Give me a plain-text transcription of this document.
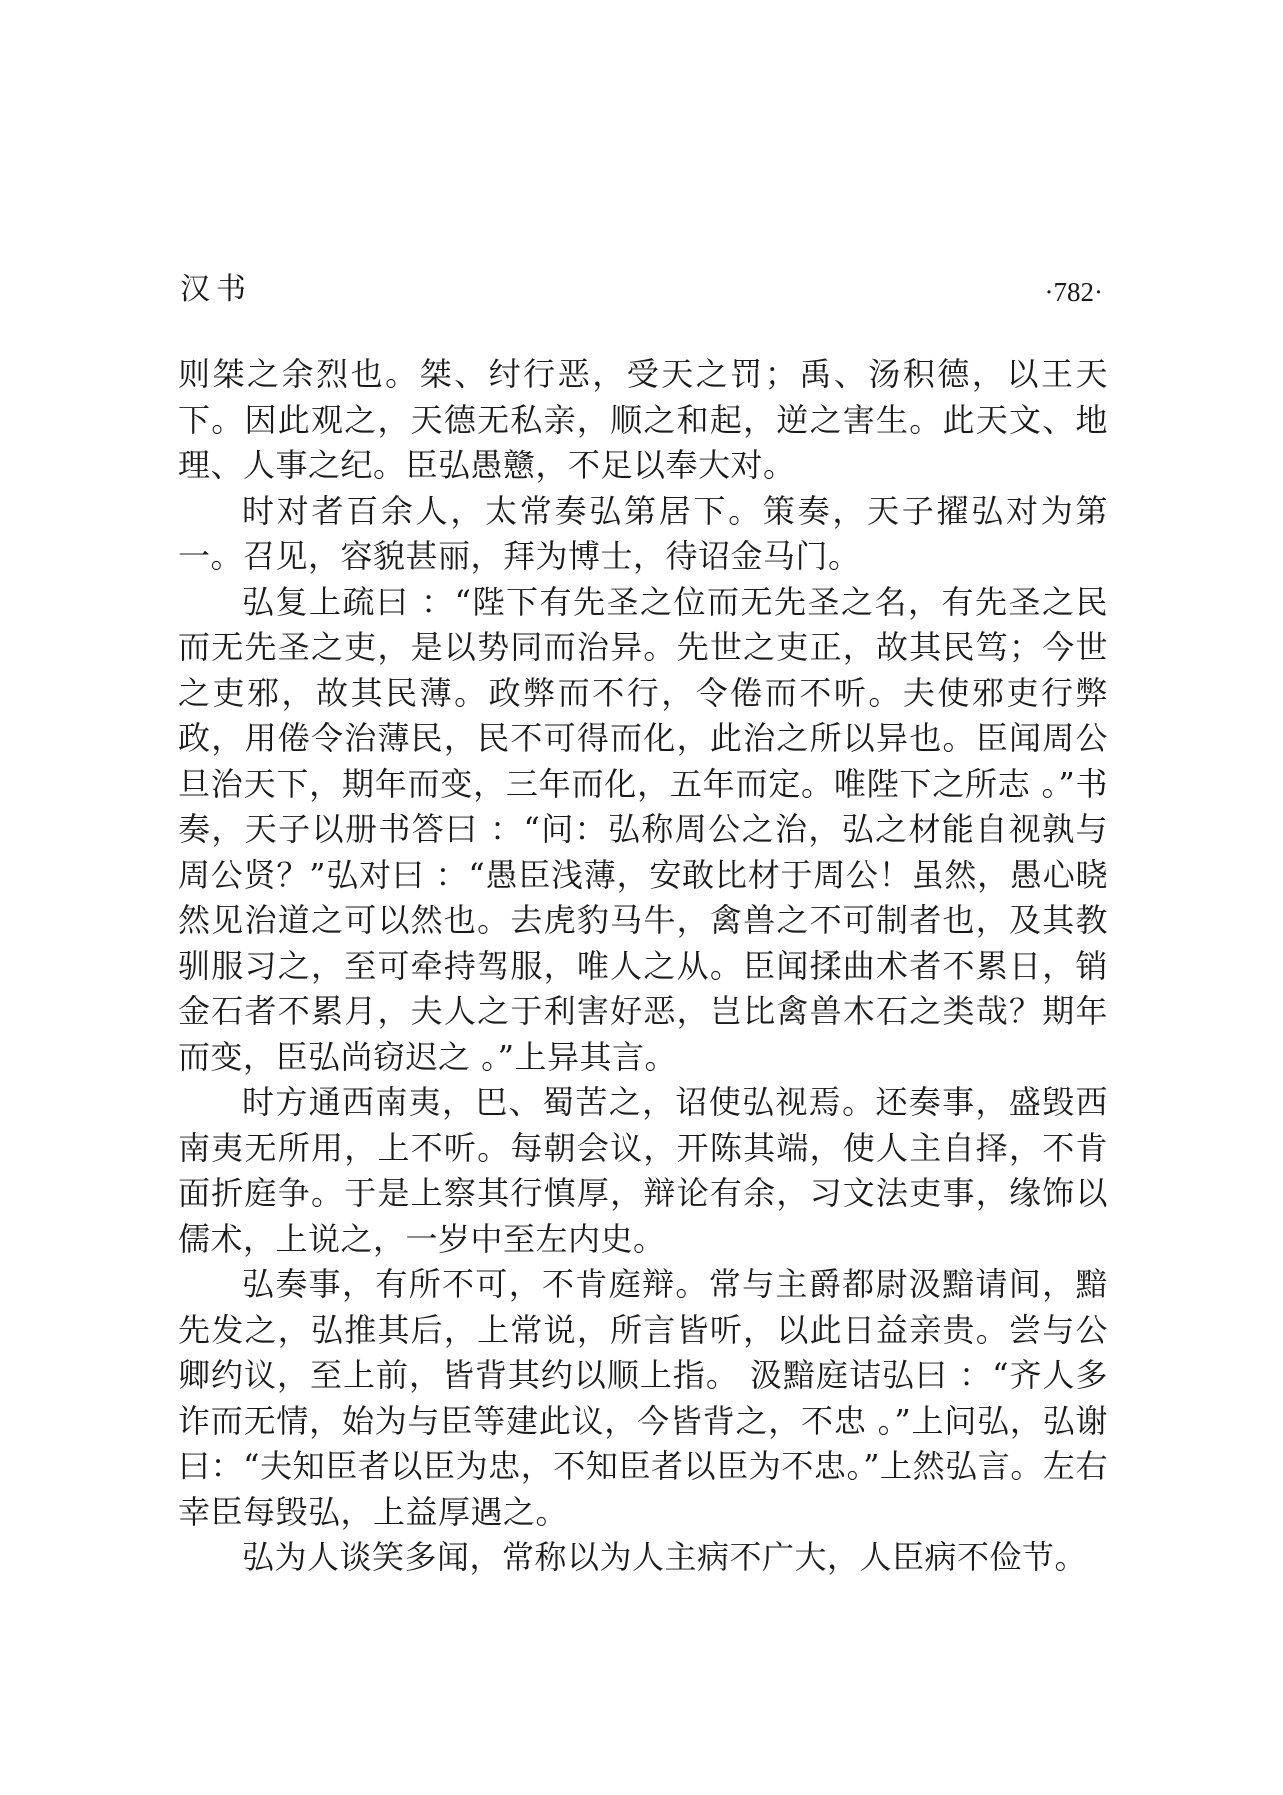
汉书	·782·

则桀之余烈也。桀、纣行恶，受天之罚；禹、汤积德，以王天下。因此观之，天德无私亲，顺之和起，逆之害生。此天文、地理、人事之纪。臣弘愚戆，不足以奉大对。

时对者百余人，太常奏弘第居下。策奏，天子擢弘对为第一。召见，容貌甚丽，拜为博士，待诏金马门。

弘复上疏曰 ：“陛下有先圣之位而无先圣之名，有先圣之民而无先圣之吏，是以势同而治异。先世之吏正，故其民笃；今世之吏邪，故其民薄。政弊而不行，令倦而不听。夫使邪吏行弊政，用倦令治薄民，民不可得而化，此治之所以异也。臣闻周公旦治天下，期年而变，三年而化，五年而定。唯陛下之所志 。”书奏，天子以册书答曰 ：“问：弘称周公之治，弘之材能自视孰与周公贤？”弘对曰 ：“愚臣浅薄，安敢比材于周公！虽然，愚心晓然见治道之可以然也。去虎豹马牛，禽兽之不可制者也，及其教驯服习之，至可牵持驾服，唯人之从。臣闻揉曲术者不累日，销金石者不累月，夫人之于利害好恶，岂比禽兽木石之类哉？期年而变，臣弘尚窃迟之 。”上异其言。

时方通西南夷，巴、蜀苦之，诏使弘视焉。还奏事，盛毁西南夷无所用，上不听。每朝会议，开陈其端，使人主自择，不肯面折庭争。于是上察其行慎厚，辩论有余，习文法吏事，缘饰以儒术，上说之，一岁中至左内史。

弘奏事，有所不可，不肯庭辩。常与主爵都尉汲黯请间，黯先发之，弘推其后，上常说，所言皆听，以此日益亲贵。尝与公卿约议，至上前，皆背其约以顺上指。 汲黯庭诘弘曰 ：“齐人多诈而无情，始为与臣等建此议，今皆背之，不忠 。”上问弘，弘谢曰：“夫知臣者以臣为忠，不知臣者以臣为不忠。”上然弘言。左右幸臣每毁弘，上益厚遇之。

弘为人谈笑多闻，常称以为人主病不广大，人臣病不俭节。
